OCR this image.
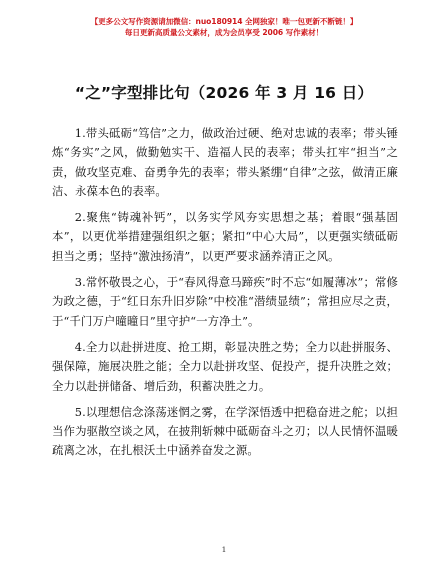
【更多公文写作资源请加微信：nuo180914 全网独家！唯一包更新不断链！】
每日更新高质量公文素材，成为会员享受 2006 写作素材！
“之”字型排比句（2026 年 3 月 16 日）

1.带头砥砺“笃信”之力，做政治过硬、绝对忠诚的表率；带头锤炼“务实”之风，做勤勉实干、造福人民的表率；带头扛牢“担当”之责，做攻坚克难、奋勇争先的表率；带头紧绷“自律”之弦，做清正廉洁、永葆本色的表率。

2.聚焦“铸魂补钙”，以务实学风夯实思想之基；着眼“强基固本”，以更优举措建强组织之躯；紧扣“中心大局”，以更强实绩砥砺担当之勇；坚持“激浊扬清”，以更严要求涵养清正之风。

3.常怀敬畏之心，于“春风得意马蹄疾”时不忘“如履薄冰”；常修为政之德，于“红日东升旧岁除”中校准“潜绩显绩”；常担应尽之责，于“千门万户曈曈日”里守护“一方净土”。

4.全力以赴拼进度、抢工期，彰显决胜之势；全力以赴拼服务、强保障，施展决胜之能；全力以赴拼攻坚、促投产，提升决胜之效；全力以赴拼储备、增后劲，积蓄决胜之力。

5.以理想信念涤荡迷惘之雾，在学深悟透中把稳奋进之舵；以担当作为驱散空谈之风，在披荆斩棘中砥砺奋斗之刃；以人民情怀温暖疏离之冰，在扎根沃土中涵养奋发之源。

1
